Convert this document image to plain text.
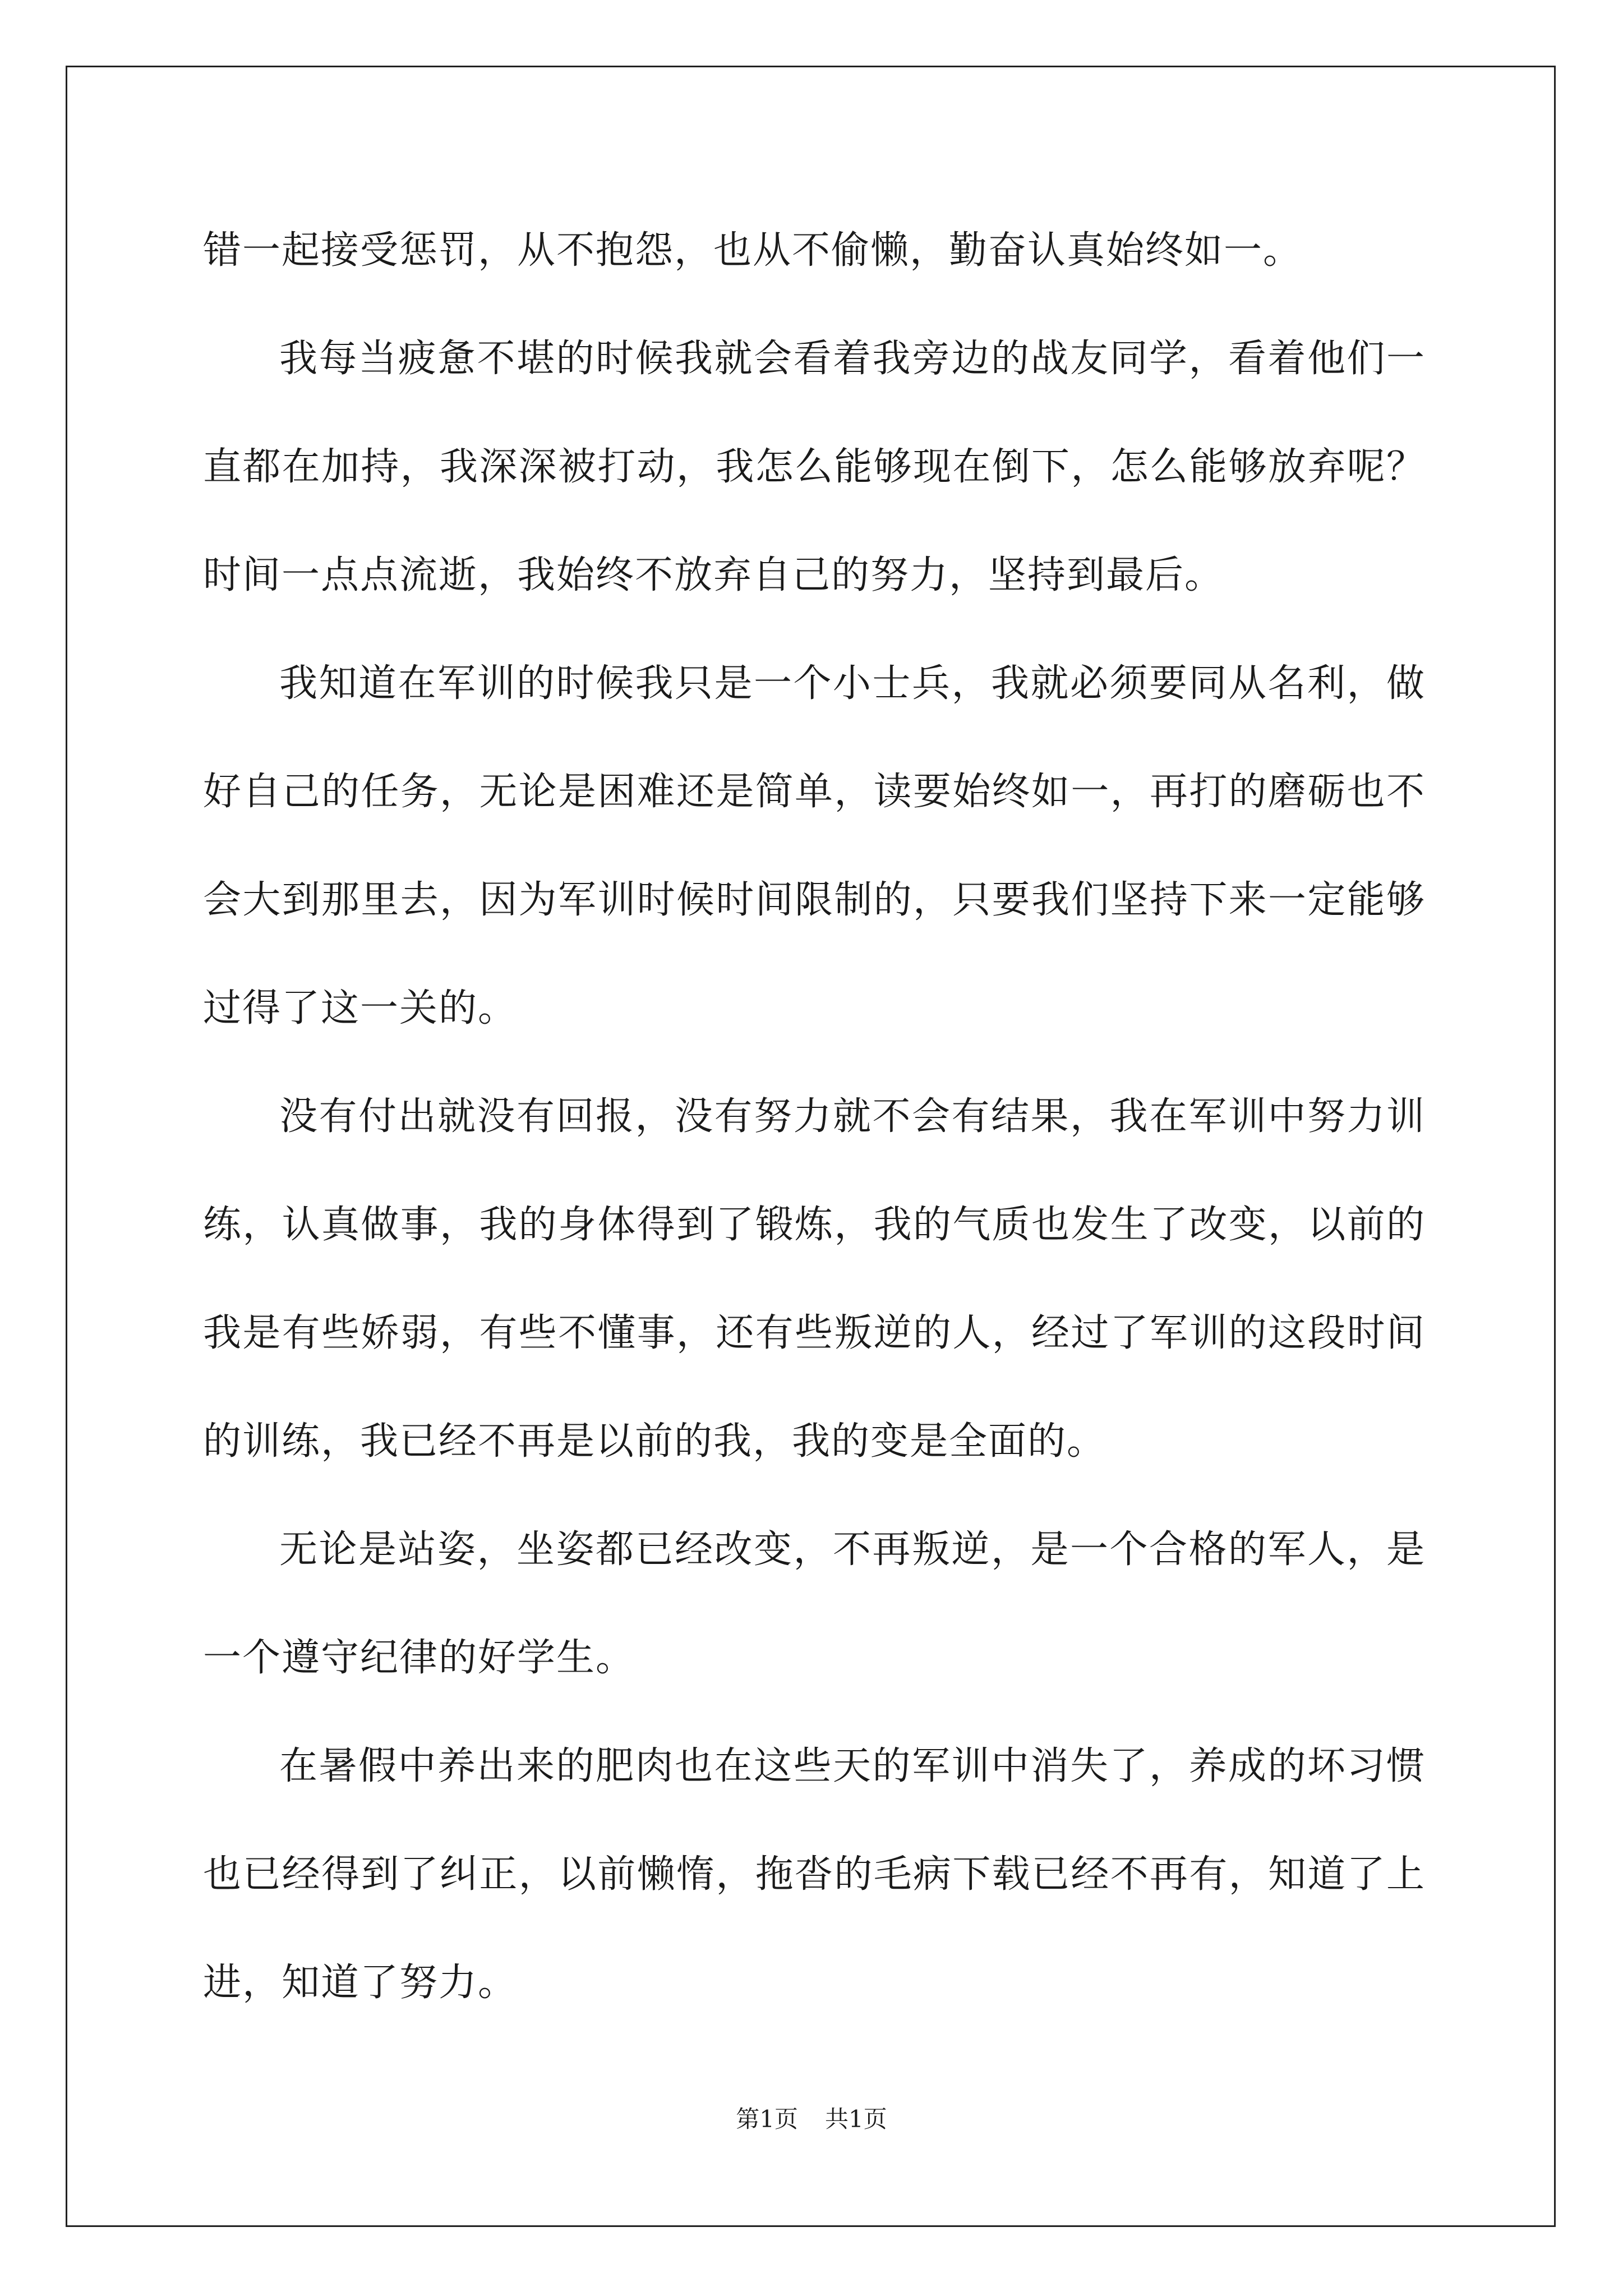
错一起接受惩罚，从不抱怨，也从不偷懒，勤奋认真始终如一。

我每当疲惫不堪的时候我就会看着我旁边的战友同学，看着他们一直都在加持，我深深被打动，我怎么能够现在倒下，怎么能够放弃呢？时间一点点流逝，我始终不放弃自己的努力，坚持到最后。

我知道在军训的时候我只是一个小士兵，我就必须要同从名利，做好自己的任务，无论是困难还是简单，读要始终如一，再打的磨砺也不会大到那里去，因为军训时候时间限制的，只要我们坚持下来一定能够过得了这一关的。

没有付出就没有回报，没有努力就不会有结果，我在军训中努力训练，认真做事，我的身体得到了锻炼，我的气质也发生了改变，以前的我是有些娇弱，有些不懂事，还有些叛逆的人，经过了军训的这段时间的训练，我已经不再是以前的我，我的变是全面的。

无论是站姿，坐姿都已经改变，不再叛逆，是一个合格的军人，是一个遵守纪律的好学生。

在暑假中养出来的肥肉也在这些天的军训中消失了，养成的坏习惯也已经得到了纠正，以前懒惰，拖沓的毛病下载已经不再有，知道了上进，知道了努力。

第1页 共1页
